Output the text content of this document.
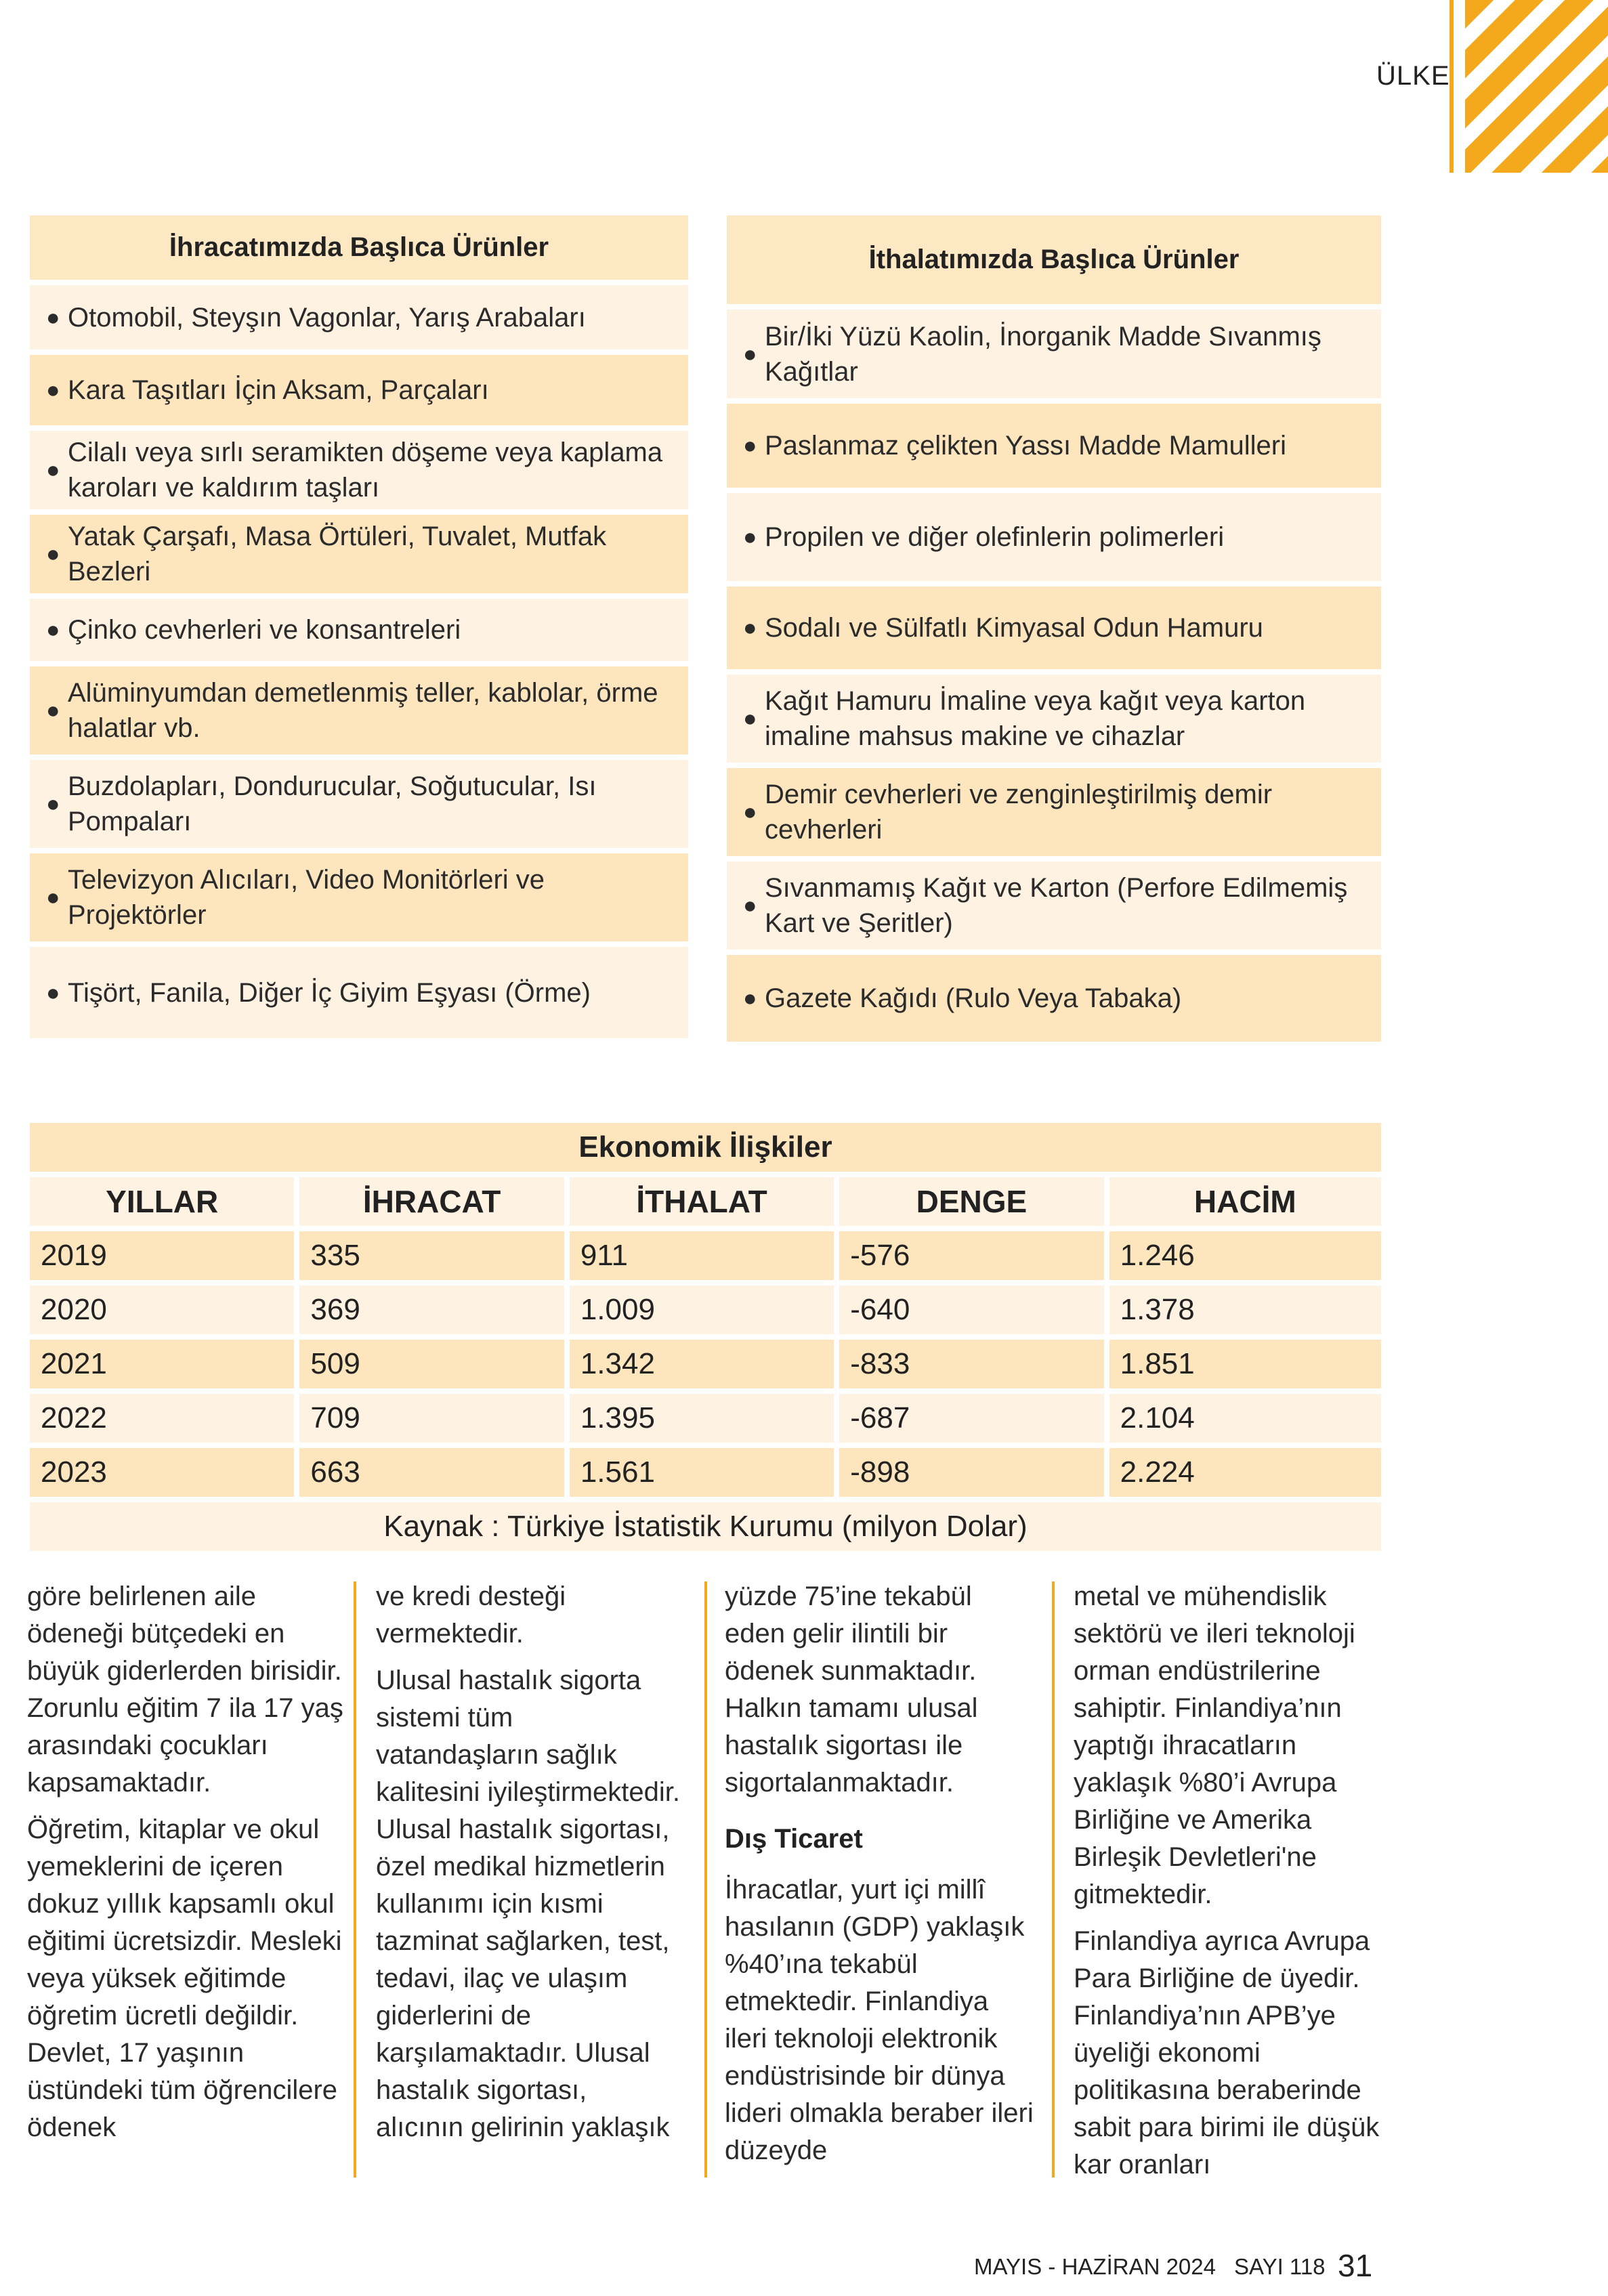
ÜLKE
İhracatımızda Başlıca Ürünler
● Otomobil, Steyşın Vagonlar, Yarış Arabaları
● Kara Taşıtları İçin Aksam, Parçaları
●
Cilalı veya sırlı seramikten döşeme veya kaplama karoları ve kaldırım taşları
●
Yatak Çarşafı, Masa Örtüleri, Tuvalet, Mutfak Bezleri
● Çinko cevherleri ve konsantreleri
●
Alüminyumdan demetlenmiş teller, kablolar, örme halatlar vb.
●
Buzdolapları, Dondurucular, Soğutucular, Isı Pompaları
●
Televizyon Alıcıları, Video Monitörleri ve Projektörler
● Tişört, Fanila, Diğer İç Giyim Eşyası (Örme)
İthalatımızda Başlıca Ürünler
●
Bir/İki Yüzü Kaolin, İnorganik Madde Sıvanmış Kağıtlar
● Paslanmaz çelikten Yassı Madde Mamulleri
● Propilen ve diğer olefinlerin polimerleri
● Sodalı ve Sülfatlı Kimyasal Odun Hamuru
●
Kağıt Hamuru İmaline veya kağıt veya karton imaline mahsus makine ve cihazlar
●
Demir cevherleri ve zenginleştirilmiş demir cevherleri
●
Sıvanmamış Kağıt ve Karton (Perfore Edilmemiş Kart ve Şeritler)
● Gazete Kağıdı (Rulo Veya Tabaka)
Ekonomik İlişkiler
YILLAR	İHRACAT	İTHALAT	DENGE	HACİM
2019	335	911	-576	1.246
2020	369	1.009	-640	1.378
2021	509	1.342	-833	1.851
2022	709	1.395	-687	2.104
2023	663	1.561	-898	2.224
Kaynak : Türkiye İstatistik Kurumu (milyon Dolar)

göre belirlenen aile ödeneği bütçedeki en büyük giderlerden birisidir. Zorunlu eğitim 7 ila 17 yaş arasındaki çocukları kapsamaktadır.

Öğretim, kitaplar ve okul yemeklerini de içeren dokuz yıllık kapsamlı okul eğitimi ücretsizdir. Mesleki veya yüksek eğitimde öğretim ücretli değildir. Devlet, 17 yaşının üstündeki tüm öğrencilere ödenek

ve kredi desteği vermektedir.

Ulusal hastalık sigorta sistemi tüm vatandaşların sağlık kalitesini iyileştirmektedir. Ulusal hastalık sigortası, özel medikal hizmetlerin kullanımı için kısmi tazminat sağlarken, test, tedavi, ilaç ve ulaşım giderlerini de karşılamaktadır. Ulusal hastalık sigortası, alıcının gelirinin yaklaşık

yüzde 75’ine tekabül eden gelir ilintili bir ödenek sunmaktadır. Halkın tamamı ulusal hastalık sigortası ile sigortalanmaktadır.

Dış Ticaret

İhracatlar, yurt içi millî hasılanın (GDP) yaklaşık %40’ına tekabül etmektedir. Finlandiya ileri teknoloji elektronik endüstrisinde bir dünya lideri olmakla beraber ileri düzeyde

metal ve mühendislik sektörü ve ileri teknoloji orman endüstrilerine sahiptir. Finlandiya’nın yaptığı ihracatların yaklaşık %80’i Avrupa Birliğine ve Amerika Birleşik Devletleri'ne gitmektedir.

Finlandiya ayrıca Avrupa Para Birliğine de üyedir. Finlandiya’nın APB’ye üyeliği ekonomi politikasına beraberinde sabit para birimi ile düşük kar oranları

MAYIS - HAZİRAN 2024 SAYI 118 31
